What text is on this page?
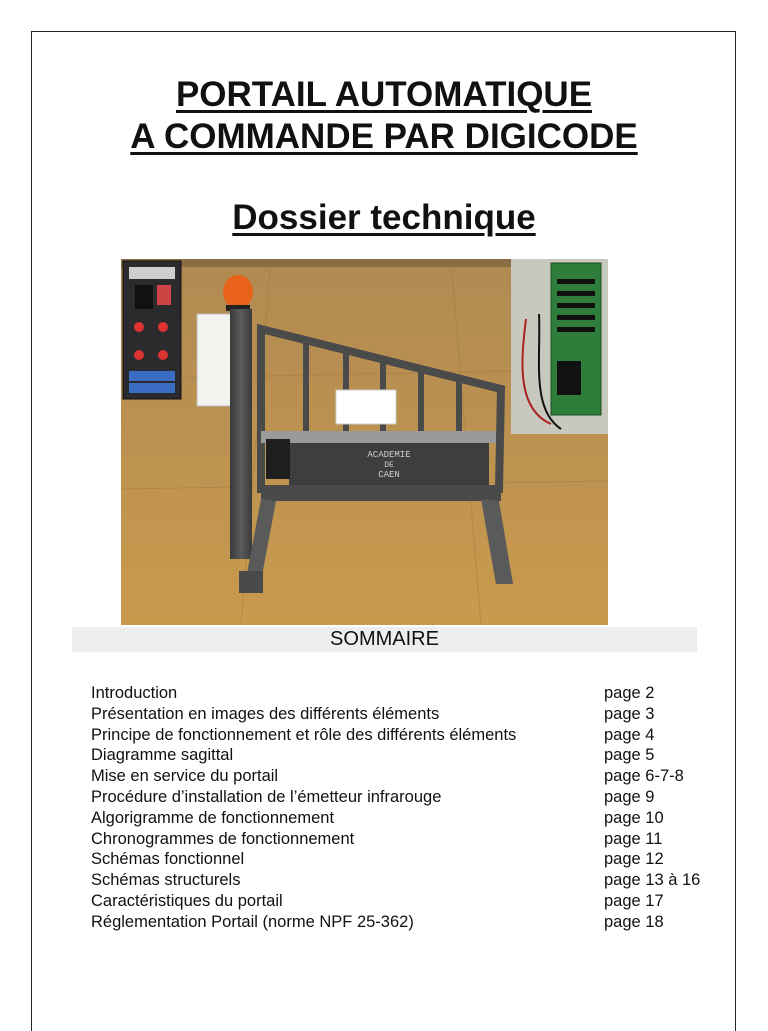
PORTAIL AUTOMATIQUE
A COMMANDE PAR DIGICODE
Dossier technique
ACADEMIE
DE
CAEN
SOMMAIRE
Introduction	page 2
Présentation en images des différents éléments	page 3
Principe de fonctionnement et rôle des différents éléments	page 4
Diagramme sagittal	page 5
Mise en service du portail	page 6-7-8
Procédure d’installation de l’émetteur infrarouge	page 9
Algorigramme de fonctionnement	page 10
Chronogrammes de fonctionnement	page 11
Schémas fonctionnel	page 12
Schémas structurels	page 13 à 16
Caractéristiques du portail	page 17
Réglementation Portail (norme NPF 25-362)	page 18
